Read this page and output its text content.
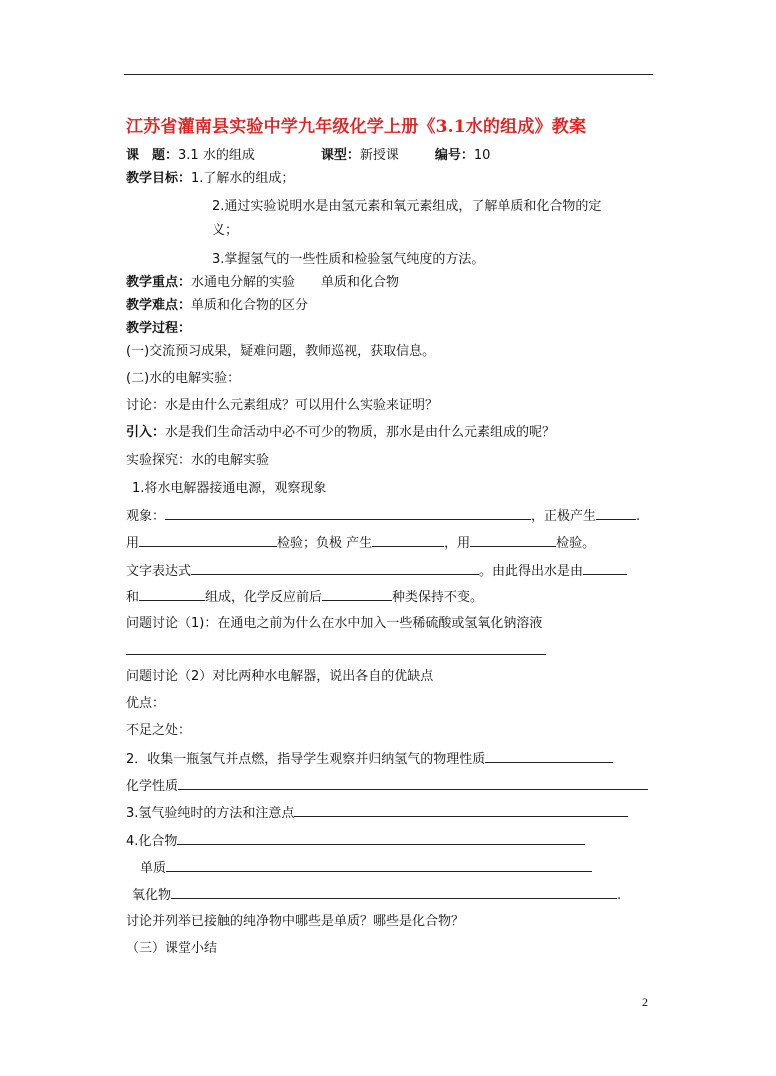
江苏省灌南县实验中学九年级化学上册《3.1水的组成》教案
课　题：3.1 水的组成	课型：新授课	编号：10
教学目标：1.了解水的组成；
2.通过实验说明水是由氢元素和氧元素组成，了解单质和化合物的定
义；
3.掌握氢气的一些性质和检验氢气纯度的方法。
教学重点：水通电分解的实验　　单质和化合物
教学难点：单质和化合物的区分
教学过程：
(一)交流预习成果，疑难问题，教师巡视，获取信息。
(二)水的电解实验：
讨论：水是由什么元素组成？可以用什么实验来证明？
引入：水是我们生命活动中必不可少的物质，那水是由什么元素组成的呢？
实验探究：水的电解实验
1.将水电解器接通电源，观察现象
观象：	，正极产生	.
用	检验；负极 产生	，用	检验。
文字表达式	。由此得出水是由
和	组成，化学反应前后	种类保持不变。
问题讨论（1)：在通电之前为什么在水中加入一些稀硫酸或氢氧化钠溶液
问题讨论（2）对比两种水电解器，说出各自的优缺点
优点：
不足之处：
2．收集一瓶氢气并点燃，指导学生观察并归纳氢气的物理性质
化学性质
3.氢气验纯时的方法和注意点
4.化合物
单质
氧化物	.
讨论并列举已接触的纯净物中哪些是单质？哪些是化合物？
（三）课堂小结
2
